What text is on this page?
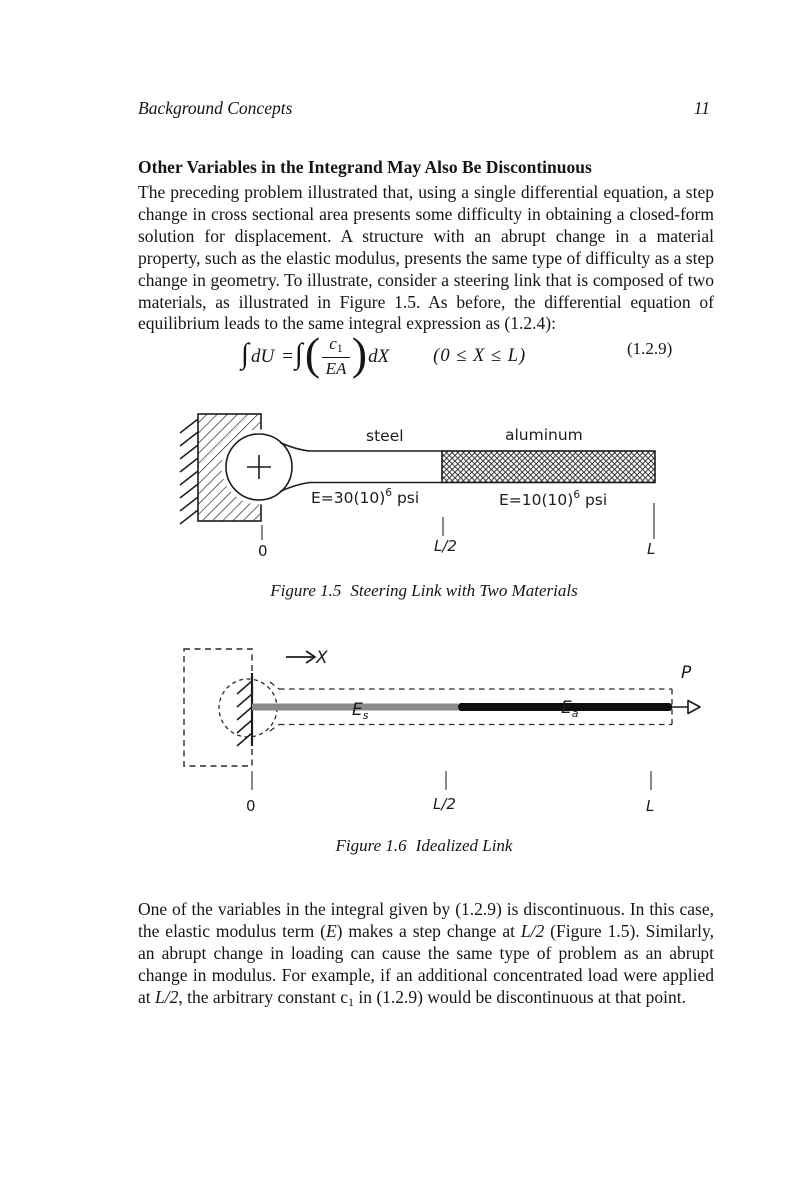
Background Concepts	11
Other Variables in the Integrand May Also Be Discontinuous
The preceding problem illustrated that, using a single differential equation, a step change in cross sectional area presents some difficulty in obtaining a closed-form solution for displacement. A structure with an abrupt change in a material property, such as the elastic modulus, presents the same type of difficulty as a step change in geometry. To illustrate, consider a steering link that is composed of two materials, as illustrated in Figure 1.5. As before, the differential equation of equilibrium leads to the same integral expression as (1.2.4):
∫ dU = ∫ ( $\frac{c1}{EA}$ ) dX (0 ≤ X ≤ L)	(1.2.9)
steel	aluminum
$E=30(10)^6$ psi	$E=10(10)^6$ psi
0	L/2	L
Figure 1.5 Steering Link with Two Materials
X
P
$E_s$	$E_a$
0	L/2	L
Figure 1.6 Idealized Link
One of the variables in the integral given by (1.2.9) is discontinuous. In this case, the elastic modulus term (E) makes a step change at L/2 (Figure 1.5). Similarly, an abrupt change in loading can cause the same type of problem as an abrupt change in modulus. For example, if an additional concentrated load were applied at L/2, the arbitrary constant c1 in (1.2.9) would be discontinuous at that point.
